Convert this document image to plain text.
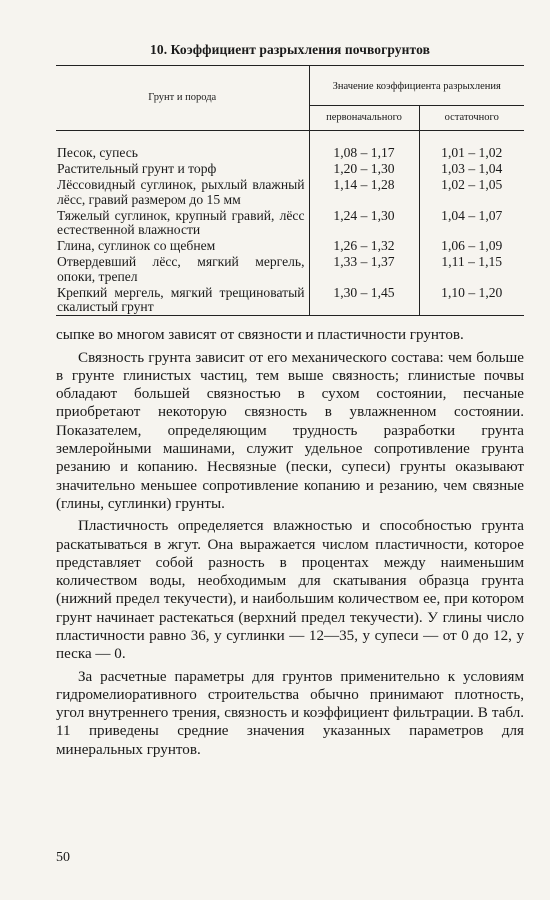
10. Коэффициент разрыхления почвогрунтов
Грунт и порода	Значение коэффициента разрыхления	
	первоначального	остаточного

Песок, супесь	1,08 – 1,17	1,01 – 1,02
Растительный грунт и торф	1,20 – 1,30	1,03 – 1,04
Лёссовидный суглинок, рыхлый влажный лёсс, гравий размером до 15 мм	1,14 – 1,28	1,02 – 1,05
Тяжелый суглинок, крупный гравий, лёсс естественной влажности	1,24 – 1,30	1,04 – 1,07
Глина, суглинок со щебнем	1,26 – 1,32	1,06 – 1,09
Отвердевший лёсс, мягкий мергель, опоки, трепел	1,33 – 1,37	1,11 – 1,15
Крепкий мергель, мягкий трещиноватый скалистый грунт	1,30 – 1,45	1,10 – 1,20

сыпке во многом зависят от связности и пластичности грунтов.

Связность грунта зависит от его механического состава: чем больше в грунте глинистых частиц, тем выше связность; глинистые почвы обладают большей связностью в сухом состоянии, песчаные приобретают некоторую связность в увлажненном состоянии. Показателем, определяющим трудность разработки грунта землеройными машинами, служит удельное сопротивление грунта резанию и копанию. Несвязные (пески, супеси) грунты оказывают значительно меньшее сопротивление копанию и резанию, чем связные (глины, суглинки) грунты.

Пластичность определяется влажностью и способностью грунта раскатываться в жгут. Она выражается числом пластичности, которое представляет собой разность в процентах между наименьшим количеством воды, необходимым для скатывания образца грунта (нижний предел текучести), и наибольшим количеством ее, при котором грунт начинает растекаться (верхний предел текучести). У глины число пластичности равно 36, у суглинки — 12—35, у супеси — от 0 до 12, у песка — 0.

За расчетные параметры для грунтов применительно к условиям гидромелиоративного строительства обычно принимают плотность, угол внутреннего трения, связность и коэффициент фильтрации. В табл. 11 приведены средние значения указанных параметров для минеральных грунтов.

50
